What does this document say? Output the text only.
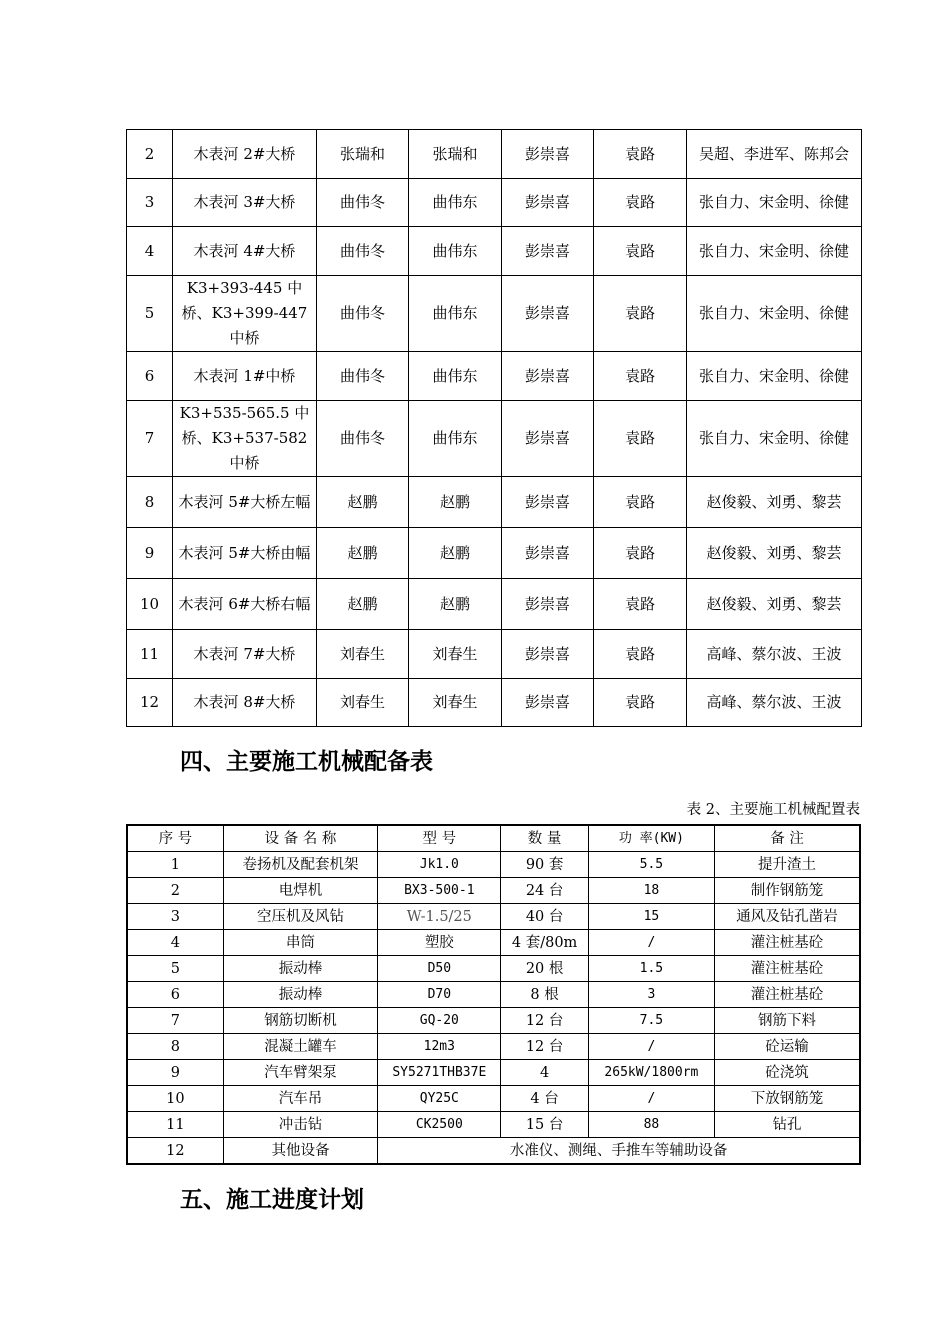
2	木表河 2#大桥	张瑞和	张瑞和	彭崇喜	袁路	吴超、李进军、陈邦会
3	木表河 3#大桥	曲伟冬	曲伟东	彭崇喜	袁路	张自力、宋金明、徐健
4	木表河 4#大桥	曲伟冬	曲伟东	彭崇喜	袁路	张自力、宋金明、徐健
5	K3+393-445 中桥、K3+399-447 中桥	曲伟冬	曲伟东	彭崇喜	袁路	张自力、宋金明、徐健
6	木表河 1#中桥	曲伟冬	曲伟东	彭崇喜	袁路	张自力、宋金明、徐健
7	K3+535-565.5 中桥、K3+537-582 中桥	曲伟冬	曲伟东	彭崇喜	袁路	张自力、宋金明、徐健
8	木表河 5#大桥左幅	赵鹏	赵鹏	彭崇喜	袁路	赵俊毅、刘勇、黎芸
9	木表河 5#大桥由幅	赵鹏	赵鹏	彭崇喜	袁路	赵俊毅、刘勇、黎芸
10	木表河 6#大桥右幅	赵鹏	赵鹏	彭崇喜	袁路	赵俊毅、刘勇、黎芸
11	木表河 7#大桥	刘春生	刘春生	彭崇喜	袁路	高峰、蔡尔波、王波
12	木表河 8#大桥	刘春生	刘春生	彭崇喜	袁路	高峰、蔡尔波、王波
四、主要施工机械配备表
表 2、主要施工机械配置表
序 号	设 备 名 称	型 号	数 量	功 率(KW)	备 注
1	卷扬机及配套机架	Jk1.0	90 套	5.5	提升渣土
2	电焊机	BX3-500-1	24 台	18	制作钢筋笼
3	空压机及风钻	W-1.5/25	40 台	15	通风及钻孔凿岩
4	串筒	塑胶	4 套/80m	/	灌注桩基砼
5	振动棒	D50	20 根	1.5	灌注桩基砼
6	振动棒	D70	8 根	3	灌注桩基砼
7	钢筋切断机	GQ-20	12 台	7.5	钢筋下料
8	混凝土罐车	12m3	12 台	/	砼运输
9	汽车臂架泵	SY5271THB37E	4	265kW/1800rm	砼浇筑
10	汽车吊	QY25C	4 台	/	下放钢筋笼
11	冲击钻	CK2500	15 台	88	钻孔
12	其他设备	水准仪、测绳、手推车等辅助设备			
五、施工进度计划
